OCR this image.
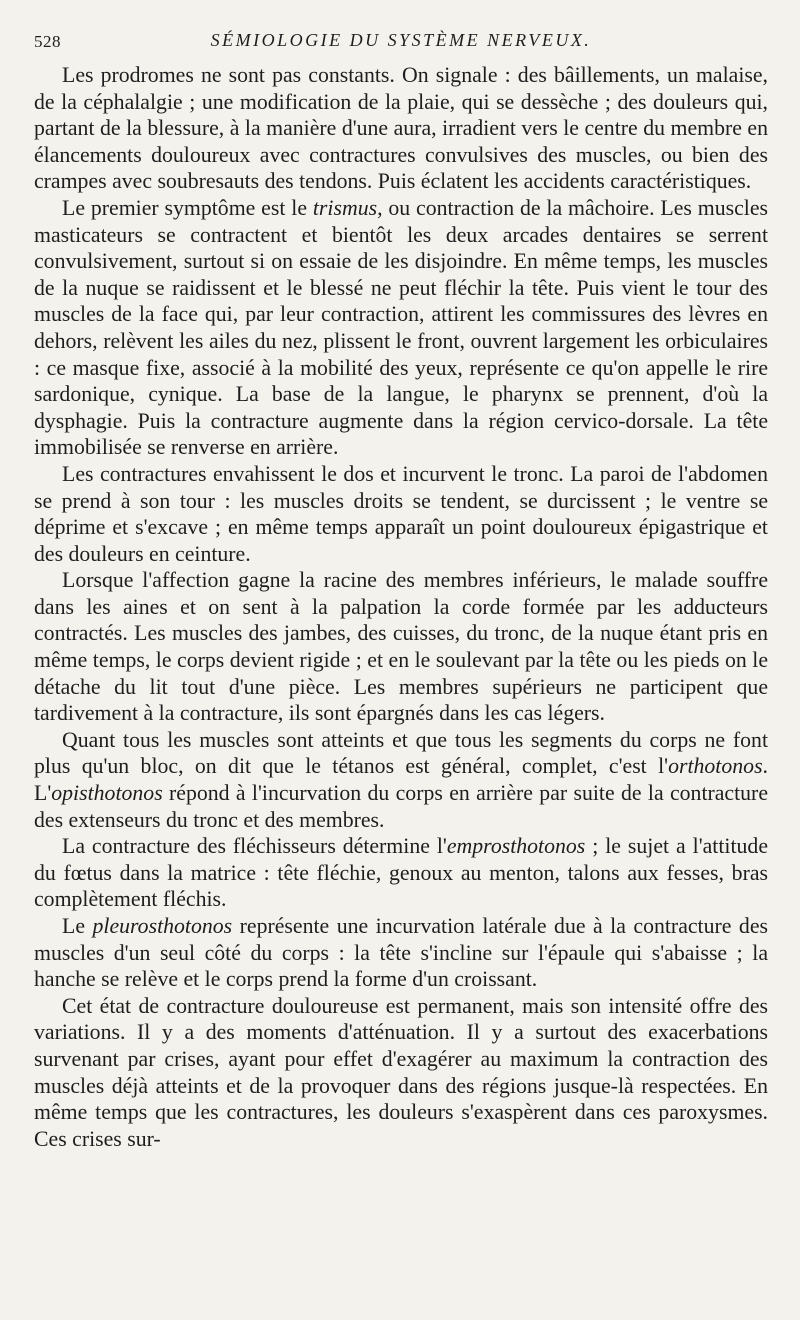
528	SÉMIOLOGIE DU SYSTÈME NERVEUX.

Les prodromes ne sont pas constants. On signale : des bâillements, un malaise, de la céphalalgie ; une modification de la plaie, qui se dessèche ; des douleurs qui, partant de la blessure, à la manière d'une aura, irradient vers le centre du membre en élancements douloureux avec contractures convulsives des muscles, ou bien des crampes avec soubresauts des tendons. Puis éclatent les accidents caractéristiques.

Le premier symptôme est le trismus, ou contraction de la mâchoire. Les muscles masticateurs se contractent et bientôt les deux arcades dentaires se serrent convulsivement, surtout si on essaie de les disjoindre. En même temps, les muscles de la nuque se raidissent et le blessé ne peut fléchir la tête. Puis vient le tour des muscles de la face qui, par leur contraction, attirent les commissures des lèvres en dehors, relèvent les ailes du nez, plissent le front, ouvrent largement les orbiculaires : ce masque fixe, associé à la mobilité des yeux, représente ce qu'on appelle le rire sardonique, cynique. La base de la langue, le pharynx se prennent, d'où la dysphagie. Puis la contracture augmente dans la région cervico-dorsale. La tête immobilisée se renverse en arrière.

Les contractures envahissent le dos et incurvent le tronc. La paroi de l'abdomen se prend à son tour : les muscles droits se tendent, se durcissent ; le ventre se déprime et s'excave ; en même temps apparaît un point douloureux épigastrique et des douleurs en ceinture.

Lorsque l'affection gagne la racine des membres inférieurs, le malade souffre dans les aines et on sent à la palpation la corde formée par les adducteurs contractés. Les muscles des jambes, des cuisses, du tronc, de la nuque étant pris en même temps, le corps devient rigide ; et en le soulevant par la tête ou les pieds on le détache du lit tout d'une pièce. Les membres supérieurs ne participent que tardivement à la contracture, ils sont épargnés dans les cas légers.

Quant tous les muscles sont atteints et que tous les segments du corps ne font plus qu'un bloc, on dit que le tétanos est général, complet, c'est l'orthotonos. L'opisthotonos répond à l'incurvation du corps en arrière par suite de la contracture des extenseurs du tronc et des membres.

La contracture des fléchisseurs détermine l'emprosthotonos ; le sujet a l'attitude du fœtus dans la matrice : tête fléchie, genoux au menton, talons aux fesses, bras complètement fléchis.

Le pleurosthotonos représente une incurvation latérale due à la contracture des muscles d'un seul côté du corps : la tête s'incline sur l'épaule qui s'abaisse ; la hanche se relève et le corps prend la forme d'un croissant.

Cet état de contracture douloureuse est permanent, mais son intensité offre des variations. Il y a des moments d'atténuation. Il y a surtout des exacerbations survenant par crises, ayant pour effet d'exagérer au maximum la contraction des muscles déjà atteints et de la provoquer dans des régions jusque-là respectées. En même temps que les contractures, les douleurs s'exaspèrent dans ces paroxysmes. Ces crises sur-
